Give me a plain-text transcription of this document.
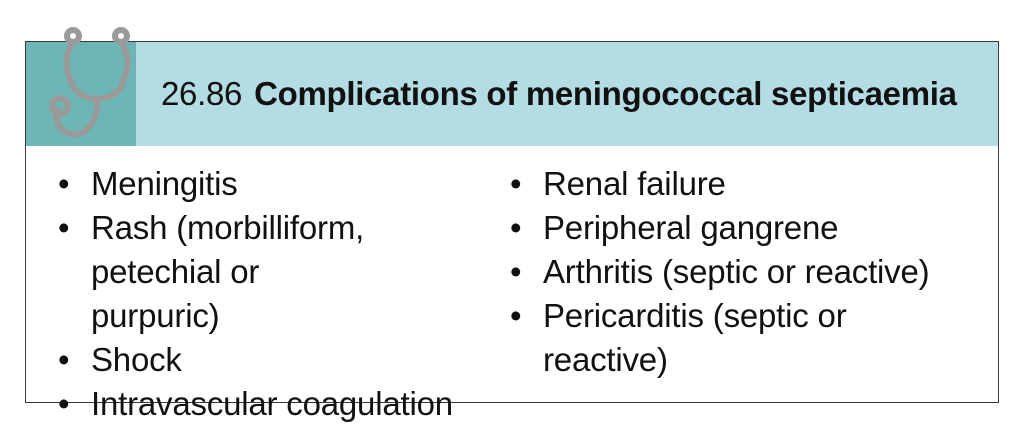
26.86 Complications of meningococcal septicaemia
• Meningitis
• Rash (morbilliform, petechial or purpuric)
• Shock
• Intravascular coagulation
• Renal failure
• Peripheral gangrene
• Arthritis (septic or reactive)
• Pericarditis (septic or reactive)
